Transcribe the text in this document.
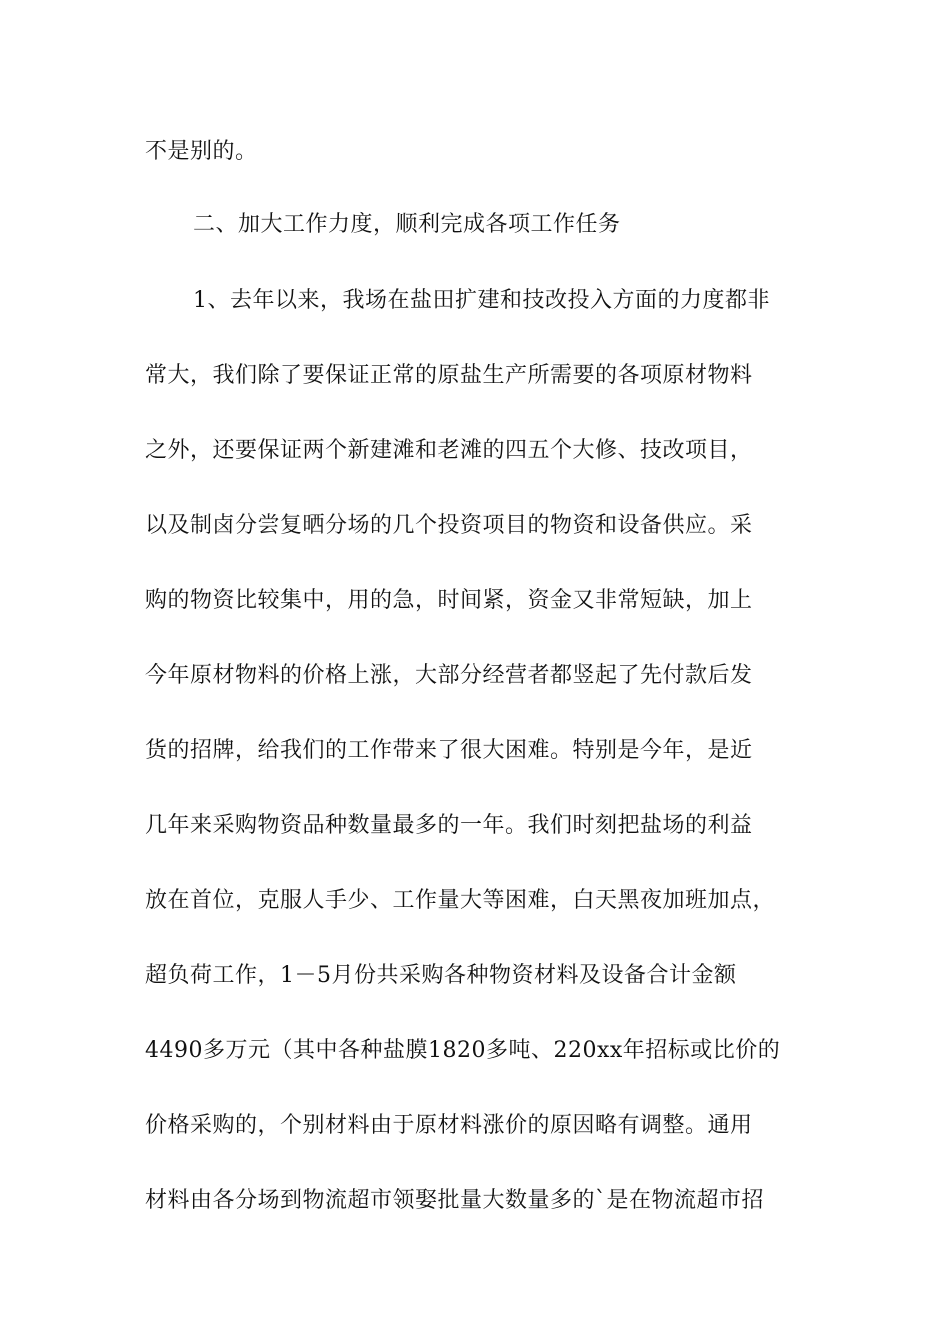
不是别的。
二、加大工作力度，顺利完成各项工作任务
1、去年以来，我场在盐田扩建和技改投入方面的力度都非
常大，我们除了要保证正常的原盐生产所需要的各项原材物料
之外，还要保证两个新建滩和老滩的四五个大修、技改项目，
以及制卤分尝复晒分场的几个投资项目的物资和设备供应。采
购的物资比较集中，用的急，时间紧，资金又非常短缺，加上
今年原材物料的价格上涨，大部分经营者都竖起了先付款后发
货的招牌，给我们的工作带来了很大困难。特别是今年，是近
几年来采购物资品种数量最多的一年。我们时刻把盐场的利益
放在首位，克服人手少、工作量大等困难，白天黑夜加班加点，
超负荷工作，1－5月份共采购各种物资材料及设备合计金额
4490多万元（其中各种盐膜1820多吨、220xx年招标或比价的
价格采购的，个别材料由于原材料涨价的原因略有调整。通用
材料由各分场到物流超市领娶批量大数量多的`是在物流超市招
